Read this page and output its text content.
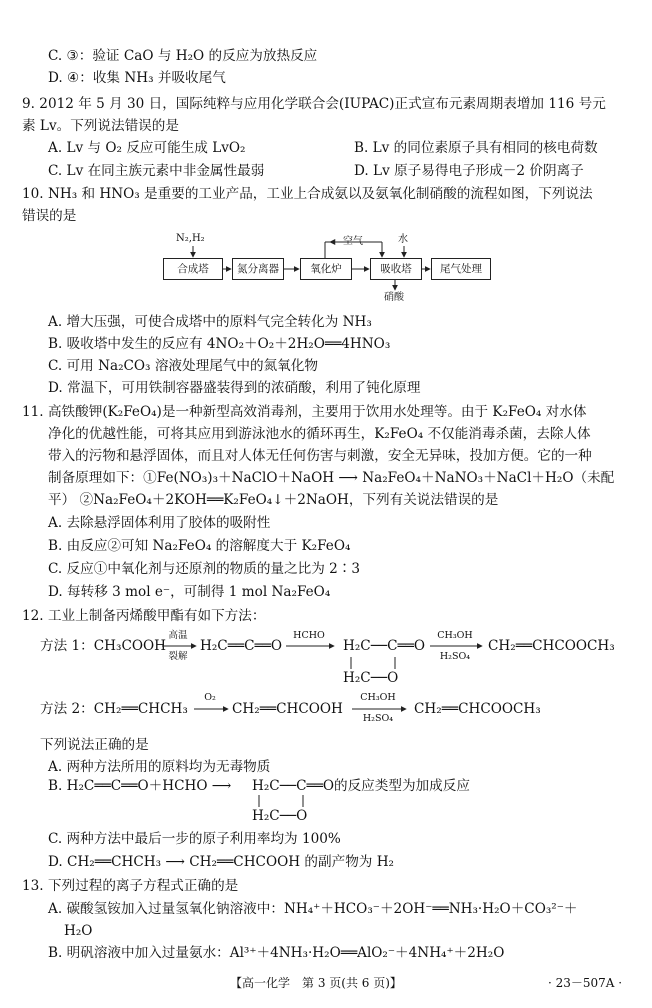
C. ③：验证 CaO 与 H₂O 的反应为放热反应
D. ④：收集 NH₃ 并吸收尾气
9. 2012 年 5 月 30 日，国际纯粹与应用化学联合会(IUPAC)正式宣布元素周期表增加 116 号元
素 Lv。下列说法错误的是
A. Lv 与 O₂ 反应可能生成 LvO₂	B. Lv 的同位素原子具有相同的核电荷数
C. Lv 在同主族元素中非金属性最弱	D. Lv 原子易得电子形成－2 价阴离子
10. NH₃ 和 HNO₃ 是重要的工业产品，工业上合成氨以及氨氧化制硝酸的流程如图，下列说法
错误的是
N₂,H₂	空气	水
硝酸
合成塔	氮分离器	氧化炉	吸收塔	尾气处理
A. 增大压强，可使合成塔中的原料气完全转化为 NH₃
B. 吸收塔中发生的反应有 4NO₂＋O₂＋2H₂O══4HNO₃
C. 可用 Na₂CO₃ 溶液处理尾气中的氮氧化物
D. 常温下，可用铁制容器盛装得到的浓硝酸，利用了钝化原理
11. 高铁酸钾(K₂FeO₄)是一种新型高效消毒剂，主要用于饮用水处理等。由于 K₂FeO₄ 对水体
净化的优越性能，可将其应用到游泳池水的循环再生，K₂FeO₄ 不仅能消毒杀菌，去除人体
带入的污物和悬浮固体，而且对人体无任何伤害与刺激，安全无异味，投加方便。它的一种
制备原理如下：①Fe(NO₃)₃＋NaClO＋NaOH ⟶ Na₂FeO₄＋NaNO₃＋NaCl＋H₂O（未配
平） ②Na₂FeO₄＋2KOH══K₂FeO₄↓＋2NaOH，下列有关说法错误的是
A. 去除悬浮固体利用了胶体的吸附性
B. 由反应②可知 Na₂FeO₄ 的溶解度大于 K₂FeO₄
C. 反应①中氧化剂与还原剂的物质的量之比为 2∶3
D. 每转移 3 mol e⁻，可制得 1 mol Na₂FeO₄
12. 工业上制备丙烯酸甲酯有如下方法：
方法 1：CH₃COOH
高温
裂解
H₂C══C══O
HCHO
H₂C──C══O
H₂C──O
CH₃OH
H₂SO₄
CH₂══CHCOOCH₃
方法 2：CH₂══CHCH₃
O₂
CH₂══CHCOOH
CH₃OH
H₂SO₄
CH₂══CHCOOCH₃
下列说法正确的是
A. 两种方法所用的原料均为无毒物质
B. H₂C══C══O＋HCHO ⟶ H₂C──C══O
H₂C──O
的反应类型为加成反应
C. 两种方法中最后一步的原子利用率均为 100%
D. CH₂══CHCH₃ ⟶ CH₂══CHCOOH 的副产物为 H₂
13. 下列过程的离子方程式正确的是
A. 碳酸氢铵加入过量氢氧化钠溶液中：NH₄⁺＋HCO₃⁻＋2OH⁻══NH₃·H₂O＋CO₃²⁻＋
H₂O
B. 明矾溶液中加入过量氨水：Al³⁺＋4NH₃·H₂O══AlO₂⁻＋4NH₄⁺＋2H₂O
【高一化学　第 3 页(共 6 页)】	· 23－507A ·
